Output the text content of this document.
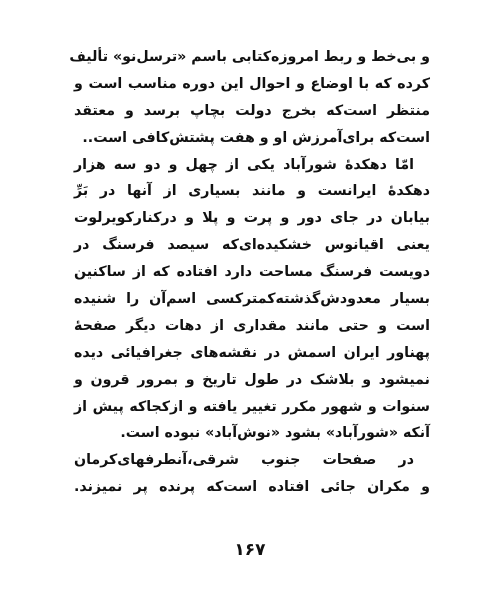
و بی‌خط و ربط امروزه‌کتابی باسم «ترسل‌نو» تألیف
کرده که با اوضاع و احوال این دوره مناسب است و
منتظر است‌که بخرج دولت بچاپ برسد و معتقد
است‌که برای‌آمرزش او و هفت پشتش‌کافی است..
امّا دهکدهٔ شورآباد یکی از چهل و دو سه هزار
دهکدهٔ ایرانست و مانند بسیاری از آنها در بَرِّ
بیابان در جای دور و پرت و پلا و درکنارکویرلوت
یعنی اقیانوس خشکیده‌ای‌که سیصد فرسنگ در
دویست فرسنگ مساحت دارد افتاده که از ساکنین
بسیار معدودش‌گذشته‌کمترکسی اسم‌آن را شنیده
است و حتی مانند مقداری از دهات دیگر صفحهٔ
پهناور ایران اسمش در نقشه‌های جغرافیائی دیده
نمیشود و بلاشک در طول تاریخ و بمرور قرون و
سنوات و شهور مکرر تغییر یافته و ازکجاکه پیش از
آنکه «شورآباد» بشود «نوش‌آباد» نبوده است.
در صفحات جنوب شرقی،آنطرفهای‌کرمان
و مکران جائی افتاده است‌که پرنده پر نمیزند.
۱۶۷
